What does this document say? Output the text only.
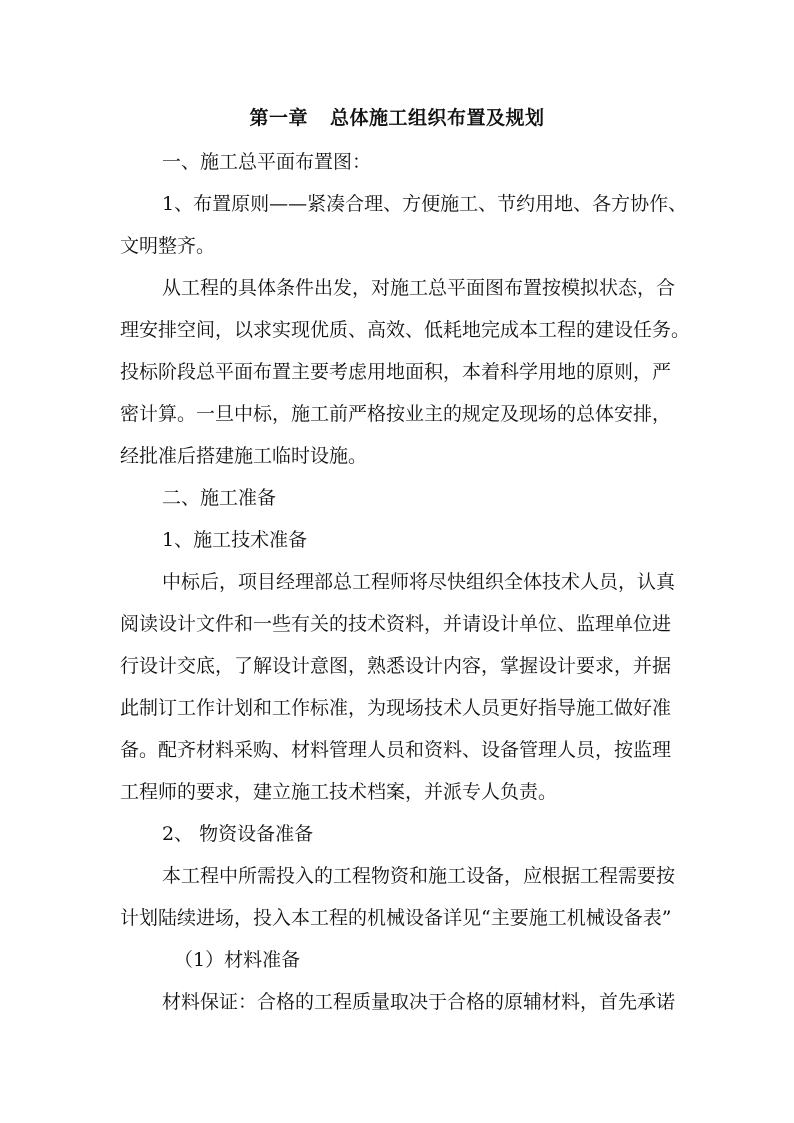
第一章 总体施工组织布置及规划

一、施工总平面布置图：

1、布置原则——紧凑合理、方便施工、节约用地、各方协作、

文明整齐。

从工程的具体条件出发，对施工总平面图布置按模拟状态，合

理安排空间，以求实现优质、高效、低耗地完成本工程的建设任务。

投标阶段总平面布置主要考虑用地面积，本着科学用地的原则，严

密计算。一旦中标，施工前严格按业主的规定及现场的总体安排，

经批准后搭建施工临时设施。

二、施工准备

1、施工技术准备

中标后，项目经理部总工程师将尽快组织全体技术人员，认真

阅读设计文件和一些有关的技术资料，并请设计单位、监理单位进

行设计交底，了解设计意图，熟悉设计内容，掌握设计要求，并据

此制订工作计划和工作标准，为现场技术人员更好指导施工做好准

备。配齐材料采购、材料管理人员和资料、设备管理人员，按监理

工程师的要求，建立施工技术档案，并派专人负责。

2、 物资设备准备

本工程中所需投入的工程物资和施工设备，应根据工程需要按

计划陆续进场，投入本工程的机械设备详见“主要施工机械设备表”

（1）材料准备

材料保证：合格的工程质量取决于合格的原辅材料，首先承诺
